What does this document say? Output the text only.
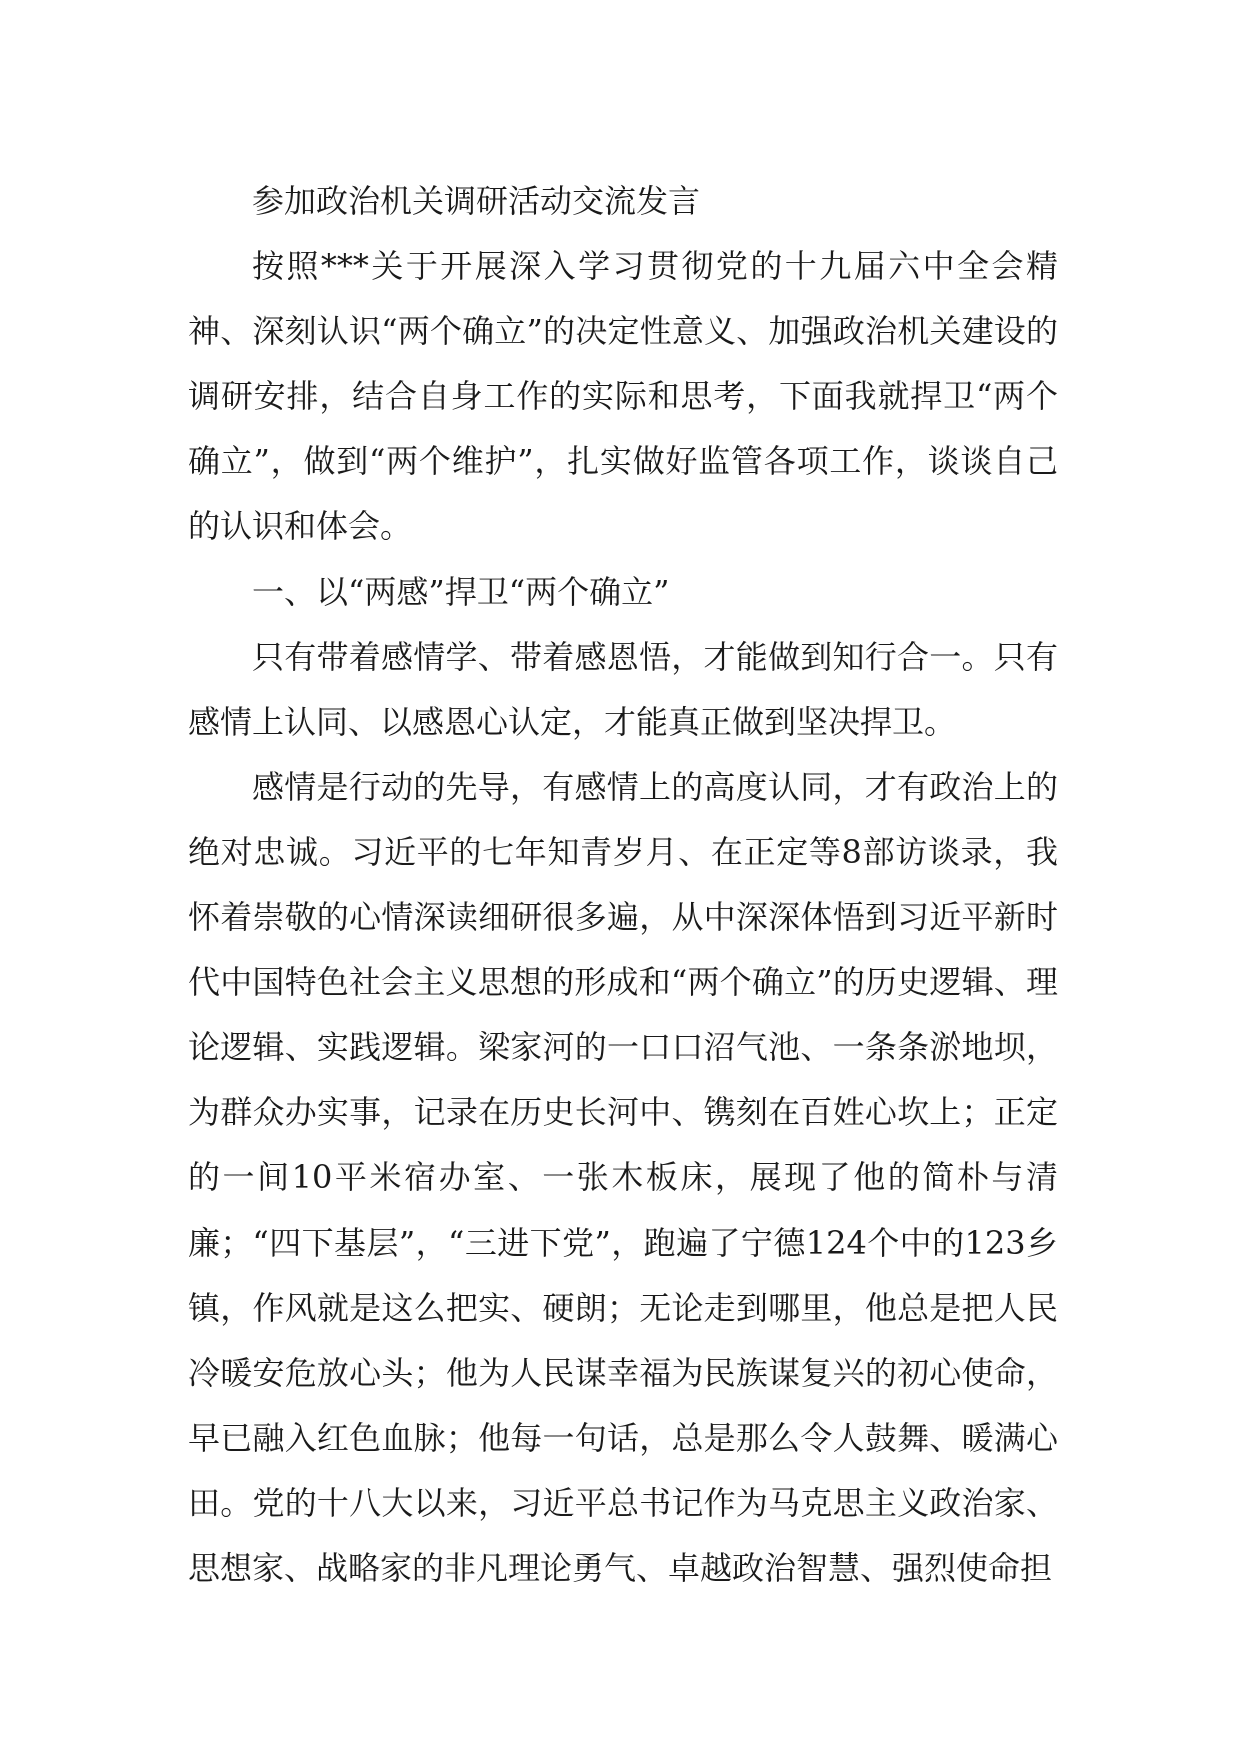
参加政治机关调研活动交流发言

按照***关于开展深入学习贯彻党的十九届六中全会精神、深刻认识“两个确立”的决定性意义、加强政治机关建设的调研安排，结合自身工作的实际和思考，下面我就捍卫“两个确立”，做到“两个维护”，扎实做好监管各项工作，谈谈自己的认识和体会。

一、以“两感”捍卫“两个确立”

只有带着感情学、带着感恩悟，才能做到知行合一。只有感情上认同、以感恩心认定，才能真正做到坚决捍卫。

感情是行动的先导，有感情上的高度认同，才有政治上的绝对忠诚。习近平的七年知青岁月、在正定等8部访谈录，我怀着崇敬的心情深读细研很多遍，从中深深体悟到习近平新时代中国特色社会主义思想的形成和“两个确立”的历史逻辑、理论逻辑、实践逻辑。梁家河的一口口沼气池、一条条淤地坝，为群众办实事，记录在历史长河中、镌刻在百姓心坎上；正定的一间10平米宿办室、一张木板床，展现了他的简朴与清廉；“四下基层”，“三进下党”，跑遍了宁德124个中的123乡镇，作风就是这么把实、硬朗；无论走到哪里，他总是把人民冷暖安危放心头；他为人民谋幸福为民族谋复兴的初心使命，早已融入红色血脉；他每一句话，总是那么令人鼓舞、暖满心田。党的十八大以来，习近平总书记作为马克思主义政治家、思想家、战略家的非凡理论勇气、卓越政治智慧、强烈使命担
